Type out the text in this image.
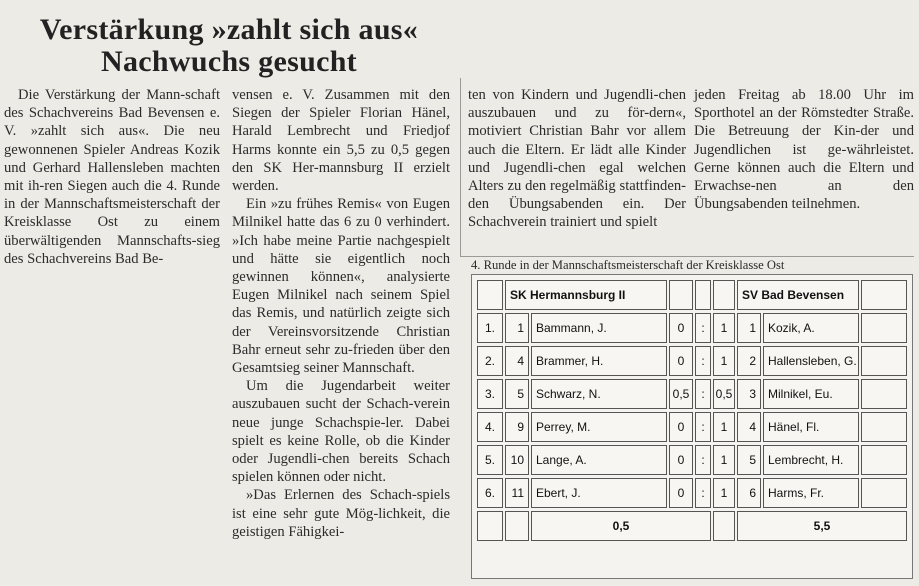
Verstärkung »zahlt sich aus«
Nachwuchs gesucht

Die Verstärkung der Mann-schaft des Schachvereins Bad Bevensen e. V. »zahlt sich aus«. Die neu gewonnenen Spieler Andreas Kozik und Gerhard Hallensleben machten mit ih-ren Siegen auch die 4. Runde in der Mannschaftsmeisterschaft der Kreisklasse Ost zu einem überwältigenden Mannschafts-sieg des Schachvereins Bad Be-

vensen e. V. Zusammen mit den Siegen der Spieler Florian Hänel, Harald Lembrecht und Friedjof Harms konnte ein 5,5 zu 0,5 gegen den SK Her-mannsburg II erzielt werden.

Ein »zu frühes Remis« von Eugen Milnikel hatte das 6 zu 0 verhindert. »Ich habe meine Partie nachgespielt und hätte sie eigentlich noch gewinnen können«, analysierte Eugen Milnikel nach seinem Spiel das Remis, und natürlich zeigte sich der Vereinsvorsitzende Christian Bahr erneut sehr zu-frieden über den Gesamtsieg seiner Mannschaft.

Um die Jugendarbeit weiter auszubauen sucht der Schach-verein neue junge Schachspie-ler. Dabei spielt es keine Rolle, ob die Kinder oder Jugendli-chen bereits Schach spielen können oder nicht.

»Das Erlernen des Schach-spiels ist eine sehr gute Mög-lichkeit, die geistigen Fähigkei-

ten von Kindern und Jugendli-chen auszubauen und zu för-dern«, motiviert Christian Bahr vor allem auch die Eltern. Er lädt alle Kinder und Jugendli-chen egal welchen Alters zu den regelmäßig stattfinden-den Übungsabenden ein. Der Schachverein trainiert und spielt

jeden Freitag ab 18.00 Uhr im Sporthotel an der Römstedter Straße. Die Betreuung der Kin-der und Jugendlichen ist ge-währleistet. Gerne können auch die Eltern und Erwachse-nen an den Übungsabenden teilnehmen.

4. Runde in der Mannschaftsmeisterschaft der Kreisklasse Ost
SK Hermannsburg II	SV Bad Bevensen
1.	1	Bammann, J.	0	:	1	1	Kozik, A.
2.	4	Brammer, H.	0	:	1	2	Hallensleben, G.
3.	5	Schwarz, N.	0,5 : 0,5	3	Milnikel, Eu.
4.	9	Perrey, M.	0	:	1	4	Hänel, Fl.
5.	10	Lange, A.	0	:	1	5	Lembrecht, H.
6.	11	Ebert, J.	0	:	1	6	Harms, Fr.
0,5	5,5
